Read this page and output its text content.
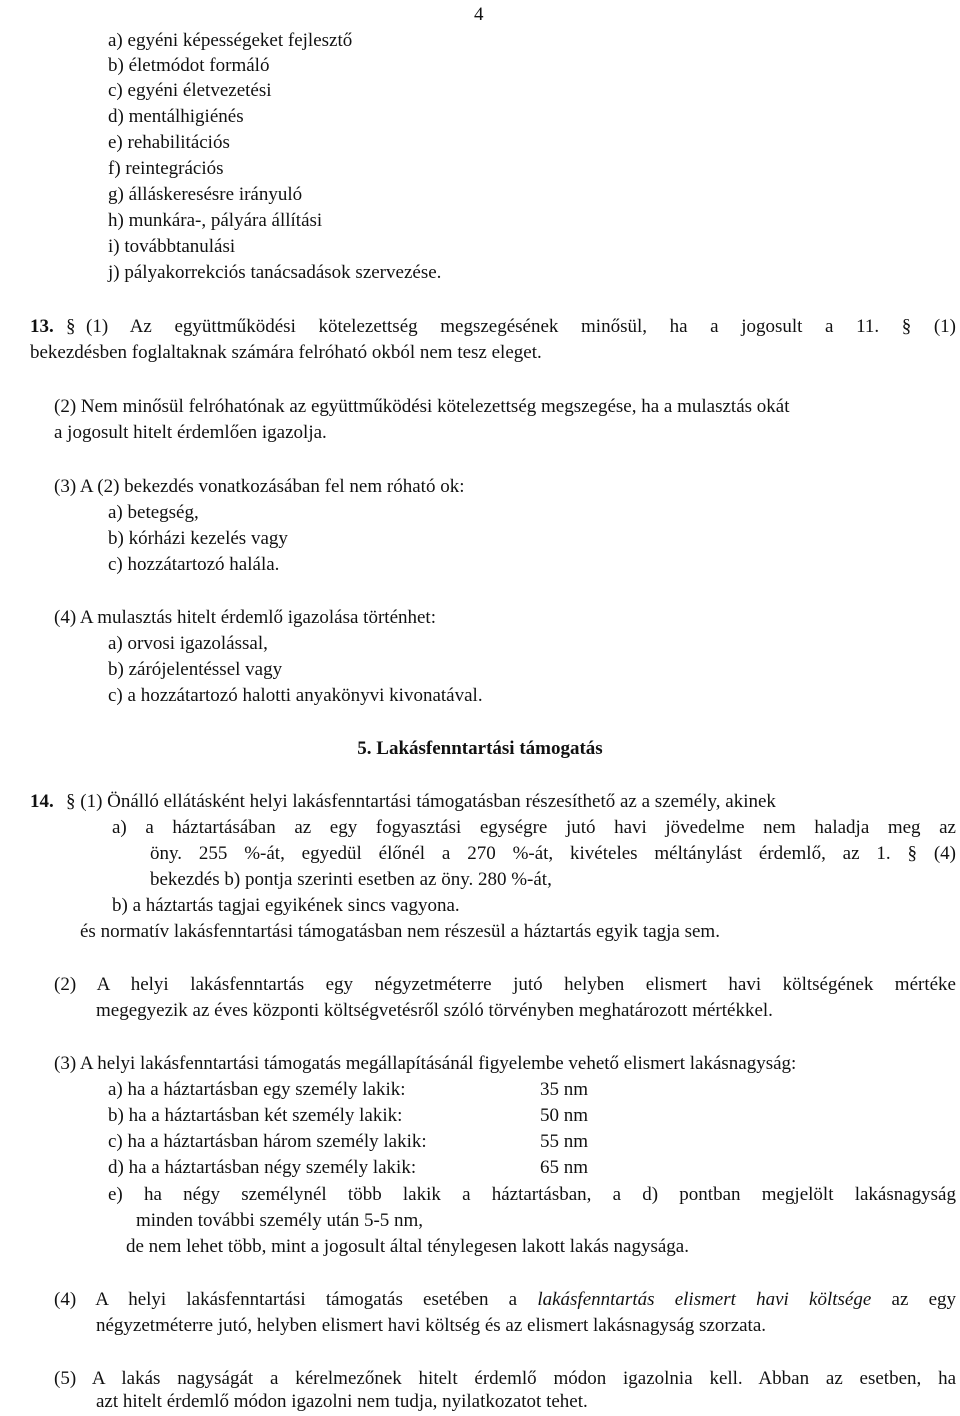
4
a) egyéni képességeket fejlesztő
b) életmódot formáló
c) egyéni életvezetési
d) mentálhigiénés
e) rehabilitációs
f) reintegrációs
g) álláskeresésre irányuló
h) munkára-, pályára állítási
i) továbbtanulási
j) pályakorrekciós tanácsadások szervezése.
13. § (1) Az együttműködési kötelezettség megszegésének minősül, ha a jogosult a 11. § (1)
bekezdésben foglaltaknak számára felróható okból nem tesz eleget.
(2) Nem minősül felróhatónak az együttműködési kötelezettség megszegése, ha a mulasztás okát
a jogosult hitelt érdemlően igazolja.
(3) A (2) bekezdés vonatkozásában fel nem róható ok:
a) betegség,
b) kórházi kezelés vagy
c) hozzátartozó halála.
(4) A mulasztás hitelt érdemlő igazolása történhet:
a) orvosi igazolással,
b) zárójelentéssel vagy
c) a hozzátartozó halotti anyakönyvi kivonatával.
5. Lakásfenntartási támogatás
14. § (1) Önálló ellátásként helyi lakásfenntartási támogatásban részesíthető az a személy, akinek
a) a háztartásában az egy fogyasztási egységre jutó havi jövedelme nem haladja meg az
öny. 255 %-át, egyedül élőnél a 270 %-át, kivételes méltánylást érdemlő, az 1. § (4)
bekezdés b) pontja szerinti esetben az öny. 280 %-át,
b) a háztartás tagjai egyikének sincs vagyona.
és normatív lakásfenntartási támogatásban nem részesül a háztartás egyik tagja sem.
(2) A helyi lakásfenntartás egy négyzetméterre jutó helyben elismert havi költségének mértéke
megegyezik az éves központi költségvetésről szóló törvényben meghatározott mértékkel.
(3) A helyi lakásfenntartási támogatás megállapításánál figyelembe vehető elismert lakásnagyság:
a) ha a háztartásban egy személy lakik:	35 nm
b) ha a háztartásban két személy lakik:	50 nm
c) ha a háztartásban három személy lakik:	55 nm
d) ha a háztartásban négy személy lakik:	65 nm
e) ha négy személynél több lakik a háztartásban, a d) pontban megjelölt lakásnagyság
minden további személy után 5-5 nm,
de nem lehet több, mint a jogosult által ténylegesen lakott lakás nagysága.
(4) A helyi lakásfenntartási támogatás esetében a lakásfenntartás elismert havi költsége az egy
négyzetméterre jutó, helyben elismert havi költség és az elismert lakásnagyság szorzata.
(5) A lakás nagyságát a kérelmezőnek hitelt érdemlő módon igazolnia kell. Abban az esetben, ha
azt hitelt érdemlő módon igazolni nem tudja, nyilatkozatot tehet.
